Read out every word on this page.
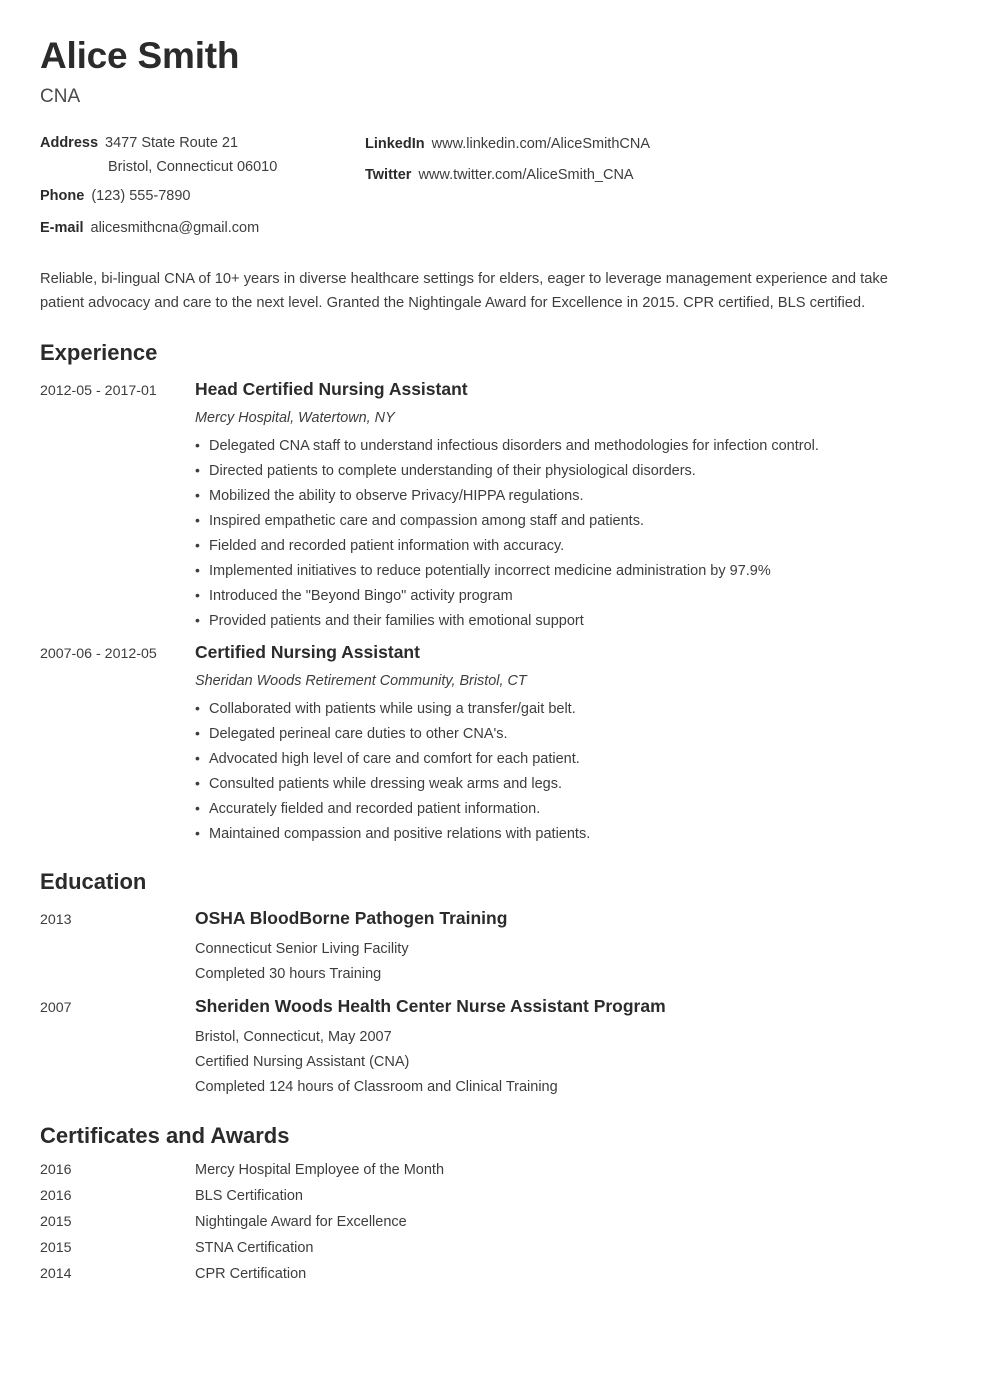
Alice Smith
CNA
Address 3477 State Route 21
Bristol, Connecticut 06010
Phone (123) 555-7890
E-mail alicesmithcna@gmail.com
LinkedIn www.linkedin.com/AliceSmithCNA
Twitter www.twitter.com/AliceSmith_CNA

Reliable, bi-lingual CNA of 10+ years in diverse healthcare settings for elders, eager to leverage management experience and take patient advocacy and care to the next level. Granted the Nightingale Award for Excellence in 2015. CPR certified, BLS certified.

Experience
2012-05 - 2017-01	Head Certified Nursing Assistant
Mercy Hospital, Watertown, NY
• Delegated CNA staff to understand infectious disorders and methodologies for infection control.
• Directed patients to complete understanding of their physiological disorders.
• Mobilized the ability to observe Privacy/HIPPA regulations.
• Inspired empathetic care and compassion among staff and patients.
• Fielded and recorded patient information with accuracy.
• Implemented initiatives to reduce potentially incorrect medicine administration by 97.9%
• Introduced the "Beyond Bingo" activity program
• Provided patients and their families with emotional support
2007-06 - 2012-05	Certified Nursing Assistant
Sheridan Woods Retirement Community, Bristol, CT
• Collaborated with patients while using a transfer/gait belt.
• Delegated perineal care duties to other CNA's.
• Advocated high level of care and comfort for each patient.
• Consulted patients while dressing weak arms and legs.
• Accurately fielded and recorded patient information.
• Maintained compassion and positive relations with patients.
Education
2013	OSHA BloodBorne Pathogen Training
Connecticut Senior Living Facility
Completed 30 hours Training
2007	Sheriden Woods Health Center Nurse Assistant Program
Bristol, Connecticut, May 2007
Certified Nursing Assistant (CNA)
Completed 124 hours of Classroom and Clinical Training
Certificates and Awards
2016	Mercy Hospital Employee of the Month
2016	BLS Certification
2015	Nightingale Award for Excellence
2015	STNA Certification
2014	CPR Certification
